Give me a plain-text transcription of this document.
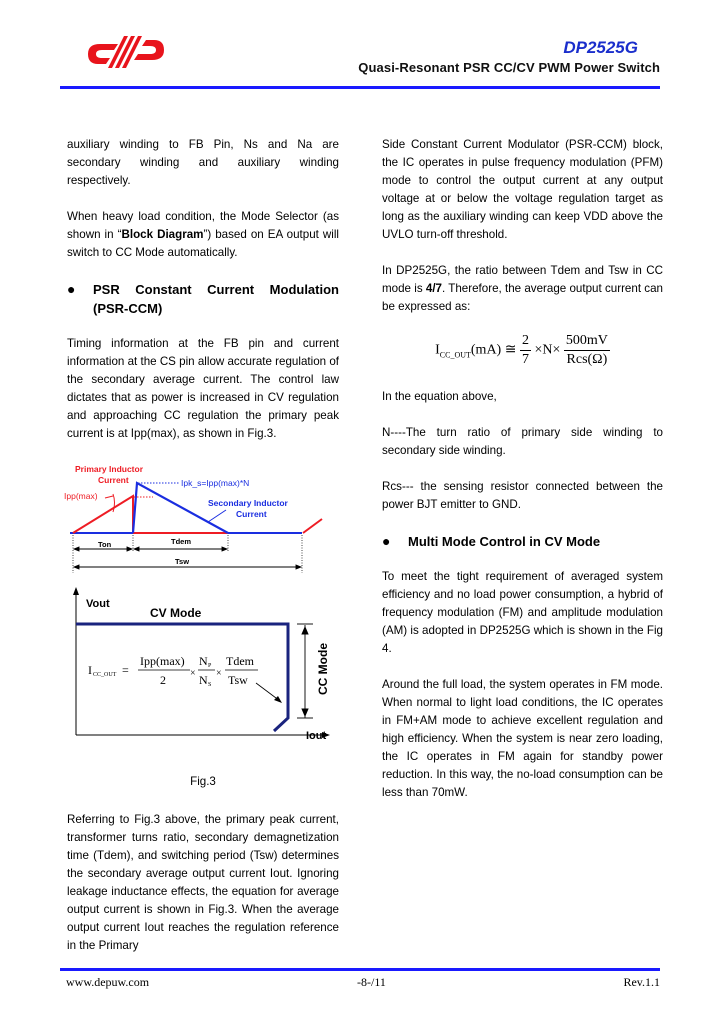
DP2525G
Quasi-Resonant PSR CC/CV PWM Power Switch

auxiliary winding to FB Pin, Ns and Na are secondary winding and auxiliary winding respectively.

When heavy load condition, the Mode Selector (as shown in “Block Diagram”) based on EA output will switch to CC Mode automatically.

●	PSR Constant Current Modulation (PSR-CCM)

Timing information at the FB pin and current information at the CS pin allow accurate regulation of the secondary average current. The control law dictates that as power is increased in CV regulation and approaching CC regulation the primary peak current is at Ipp(max), as shown in Fig.3.

Primary Inductor
Current
Ipp(max)
Ipk_s=Ipp(max)*N
Secondary Inductor
Current
Ton	Tdem
Tsw
Vout
CV Mode
Iout
CC Mode
I CC_OUT =
Ipp(max)
2 ×
N P
N S
×
Tdem
Tsw
Fig.3

Referring to Fig.3 above, the primary peak current, transformer turns ratio, secondary demagnetization time (Tdem), and switching period (Tsw) determines the secondary average output current Iout. Ignoring leakage inductance effects, the equation for average output current is shown in Fig.3. When the average output current Iout reaches the regulation reference in the Primary

Side Constant Current Modulator (PSR-CCM) block, the IC operates in pulse frequency modulation (PFM) mode to control the output current at any output voltage at or below the voltage regulation target as long as the auxiliary winding can keep VDD above the UVLO turn-off threshold.

In DP2525G, the ratio between Tdem and Tsw in CC mode is 4/7. Therefore, the average output current can be expressed as:

$I_{CC\_OUT}(mA)$ ≅ $\frac{2}{7} \times N\times \frac{500mV}{\text{Rcs(Ω)}}$

In the equation above,

N----The turn ratio of primary side winding to secondary side winding.

Rcs--- the sensing resistor connected between the power BJT emitter to GND.

●	Multi Mode Control in CV Mode

To meet the tight requirement of averaged system efficiency and no load power consumption, a hybrid of frequency modulation (FM) and amplitude modulation (AM) is adopted in DP2525G which is shown in the Fig 4.

Around the full load, the system operates in FM mode. When normal to light load conditions, the IC operates in FM+AM mode to achieve excellent regulation and high efficiency. When the system is near zero loading, the IC operates in FM again for standby power reduction. In this way, the no-load consumption can be less than 70mW.

www.depuw.com	-8-/11	Rev.1.1
